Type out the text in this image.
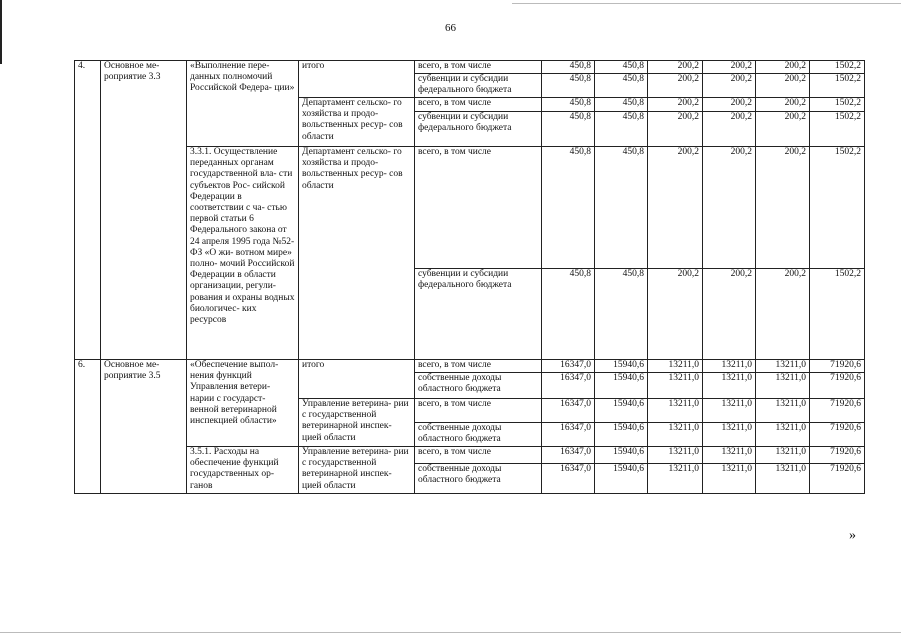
66
4.	Основное ме- роприятие 3.3	«Выполнение пере- данных полномочий Российской Федера- ции»	итого	всего, в том числе	450,8	450,8	200,2	200,2	200,2	1502,2
				субвенции и субсидии федерального бюджета	450,8	450,8	200,2	200,2	200,2	1502,2
			Департамент сельско- го хозяйства и продо- вольственных ресур- сов области	всего, в том числе	450,8	450,8	200,2	200,2	200,2	1502,2
				субвенции и субсидии федерального бюджета	450,8	450,8	200,2	200,2	200,2	1502,2
		3.3.1. Осуществление переданных органам государственной вла- сти субъектов Рос- сийской Федерации в соответствии с ча- стью первой статьи 6 Федерального закона от 24 апреля 1995 года №52-ФЗ «О жи- вотном мире» полно- мочий Российской Федерации в области организации, регули- рования и охраны водных биологичес- ких ресурсов	Департамент сельско- го хозяйства и продо- вольственных ресур- сов области	всего, в том числе	450,8	450,8	200,2	200,2	200,2	1502,2
				субвенции и субсидии федерального бюджета	450,8	450,8	200,2	200,2	200,2	1502,2

6.	Основное ме- роприятие 3.5	«Обеспечение выпол- нения функций Управления ветери- нарии с государст- венной ветеринарной инспекцией области»	итого	всего, в том числе	16347,0	15940,6	13211,0	13211,0	13211,0	71920,6
				собственные доходы областного бюджета	16347,0	15940,6	13211,0	13211,0	13211,0	71920,6
			Управление ветерина- рии с государственной ветеринарной инспек- цией области	всего, в том числе	16347,0	15940,6	13211,0	13211,0	13211,0	71920,6
				собственные доходы областного бюджета	16347,0	15940,6	13211,0	13211,0	13211,0	71920,6
		3.5.1. Расходы на обеспечение функций государственных ор- ганов	Управление ветерина- рии с государственной ветеринарной инспек- цией области	всего, в том числе	16347,0	15940,6	13211,0	13211,0	13211,0	71920,6
				собственные доходы областного бюджета	16347,0	15940,6	13211,0	13211,0	13211,0	71920,6
»
